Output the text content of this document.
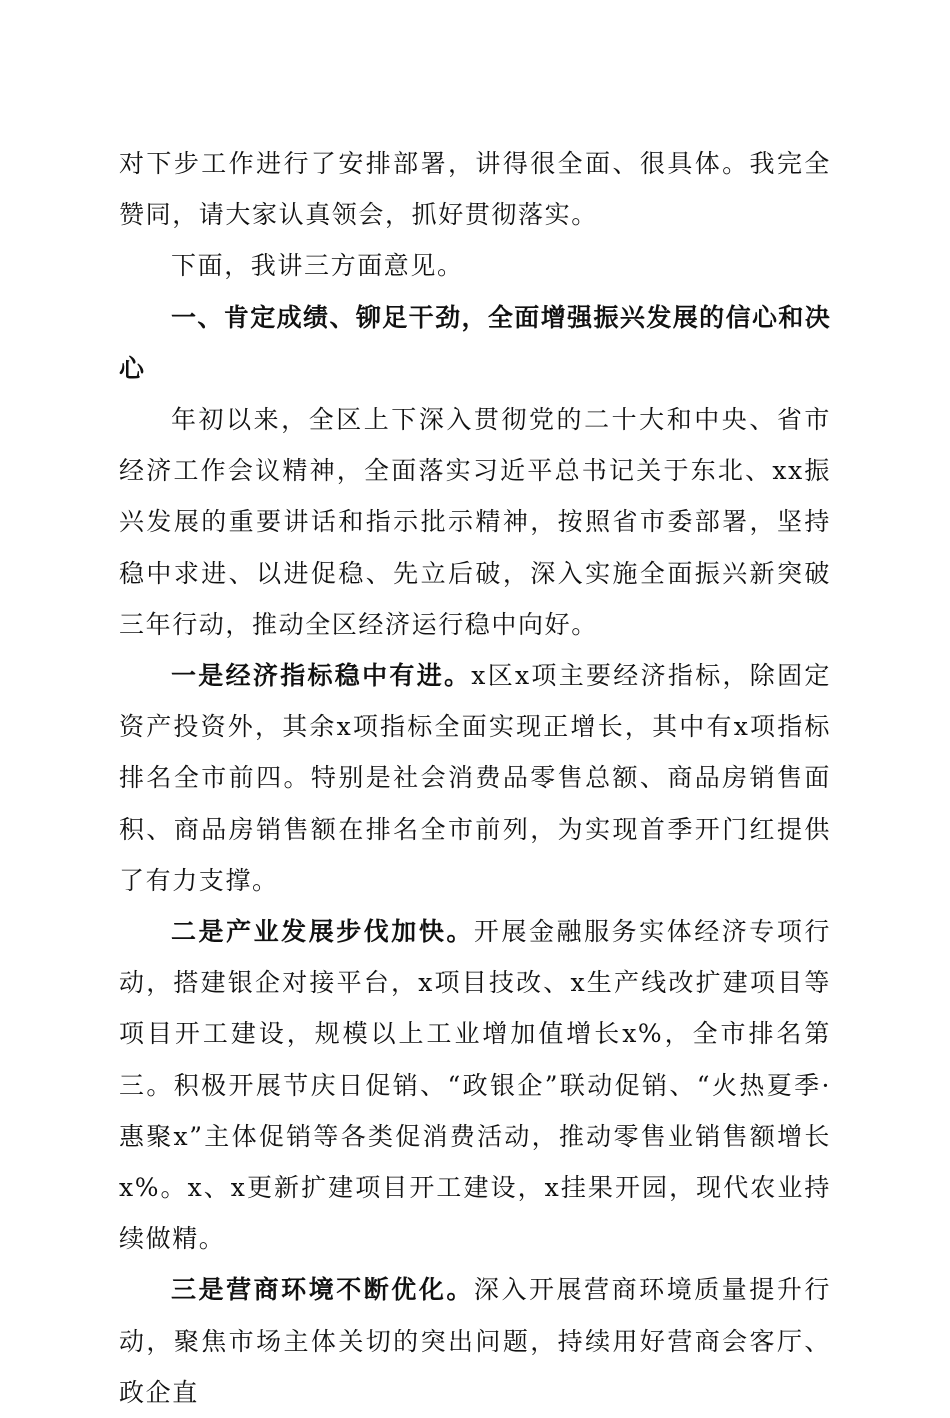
对下步工作进行了安排部署，讲得很全面、很具体。我完全赞同，请大家认真领会，抓好贯彻落实。

下面，我讲三方面意见。

一、肯定成绩、铆足干劲，全面增强振兴发展的信心和决心

年初以来，全区上下深入贯彻党的二十大和中央、省市经济工作会议精神，全面落实习近平总书记关于东北、xx振兴发展的重要讲话和指示批示精神，按照省市委部署，坚持稳中求进、以进促稳、先立后破，深入实施全面振兴新突破三年行动，推动全区经济运行稳中向好。

一是经济指标稳中有进。x区x项主要经济指标，除固定资产投资外，其余x项指标全面实现正增长，其中有x项指标排名全市前四。特别是社会消费品零售总额、商品房销售面积、商品房销售额在排名全市前列，为实现首季开门红提供了有力支撑。

二是产业发展步伐加快。开展金融服务实体经济专项行动，搭建银企对接平台，x项目技改、x生产线改扩建项目等项目开工建设，规模以上工业增加值增长x%，全市排名第三。积极开展节庆日促销、“政银企”联动促销、“火热夏季·惠聚x”主体促销等各类促消费活动，推动零售业销售额增长x%。x、x更新扩建项目开工建设，x挂果开园，现代农业持续做精。

三是营商环境不断优化。深入开展营商环境质量提升行动，聚焦市场主体关切的突出问题，持续用好营商会客厅、政企直
